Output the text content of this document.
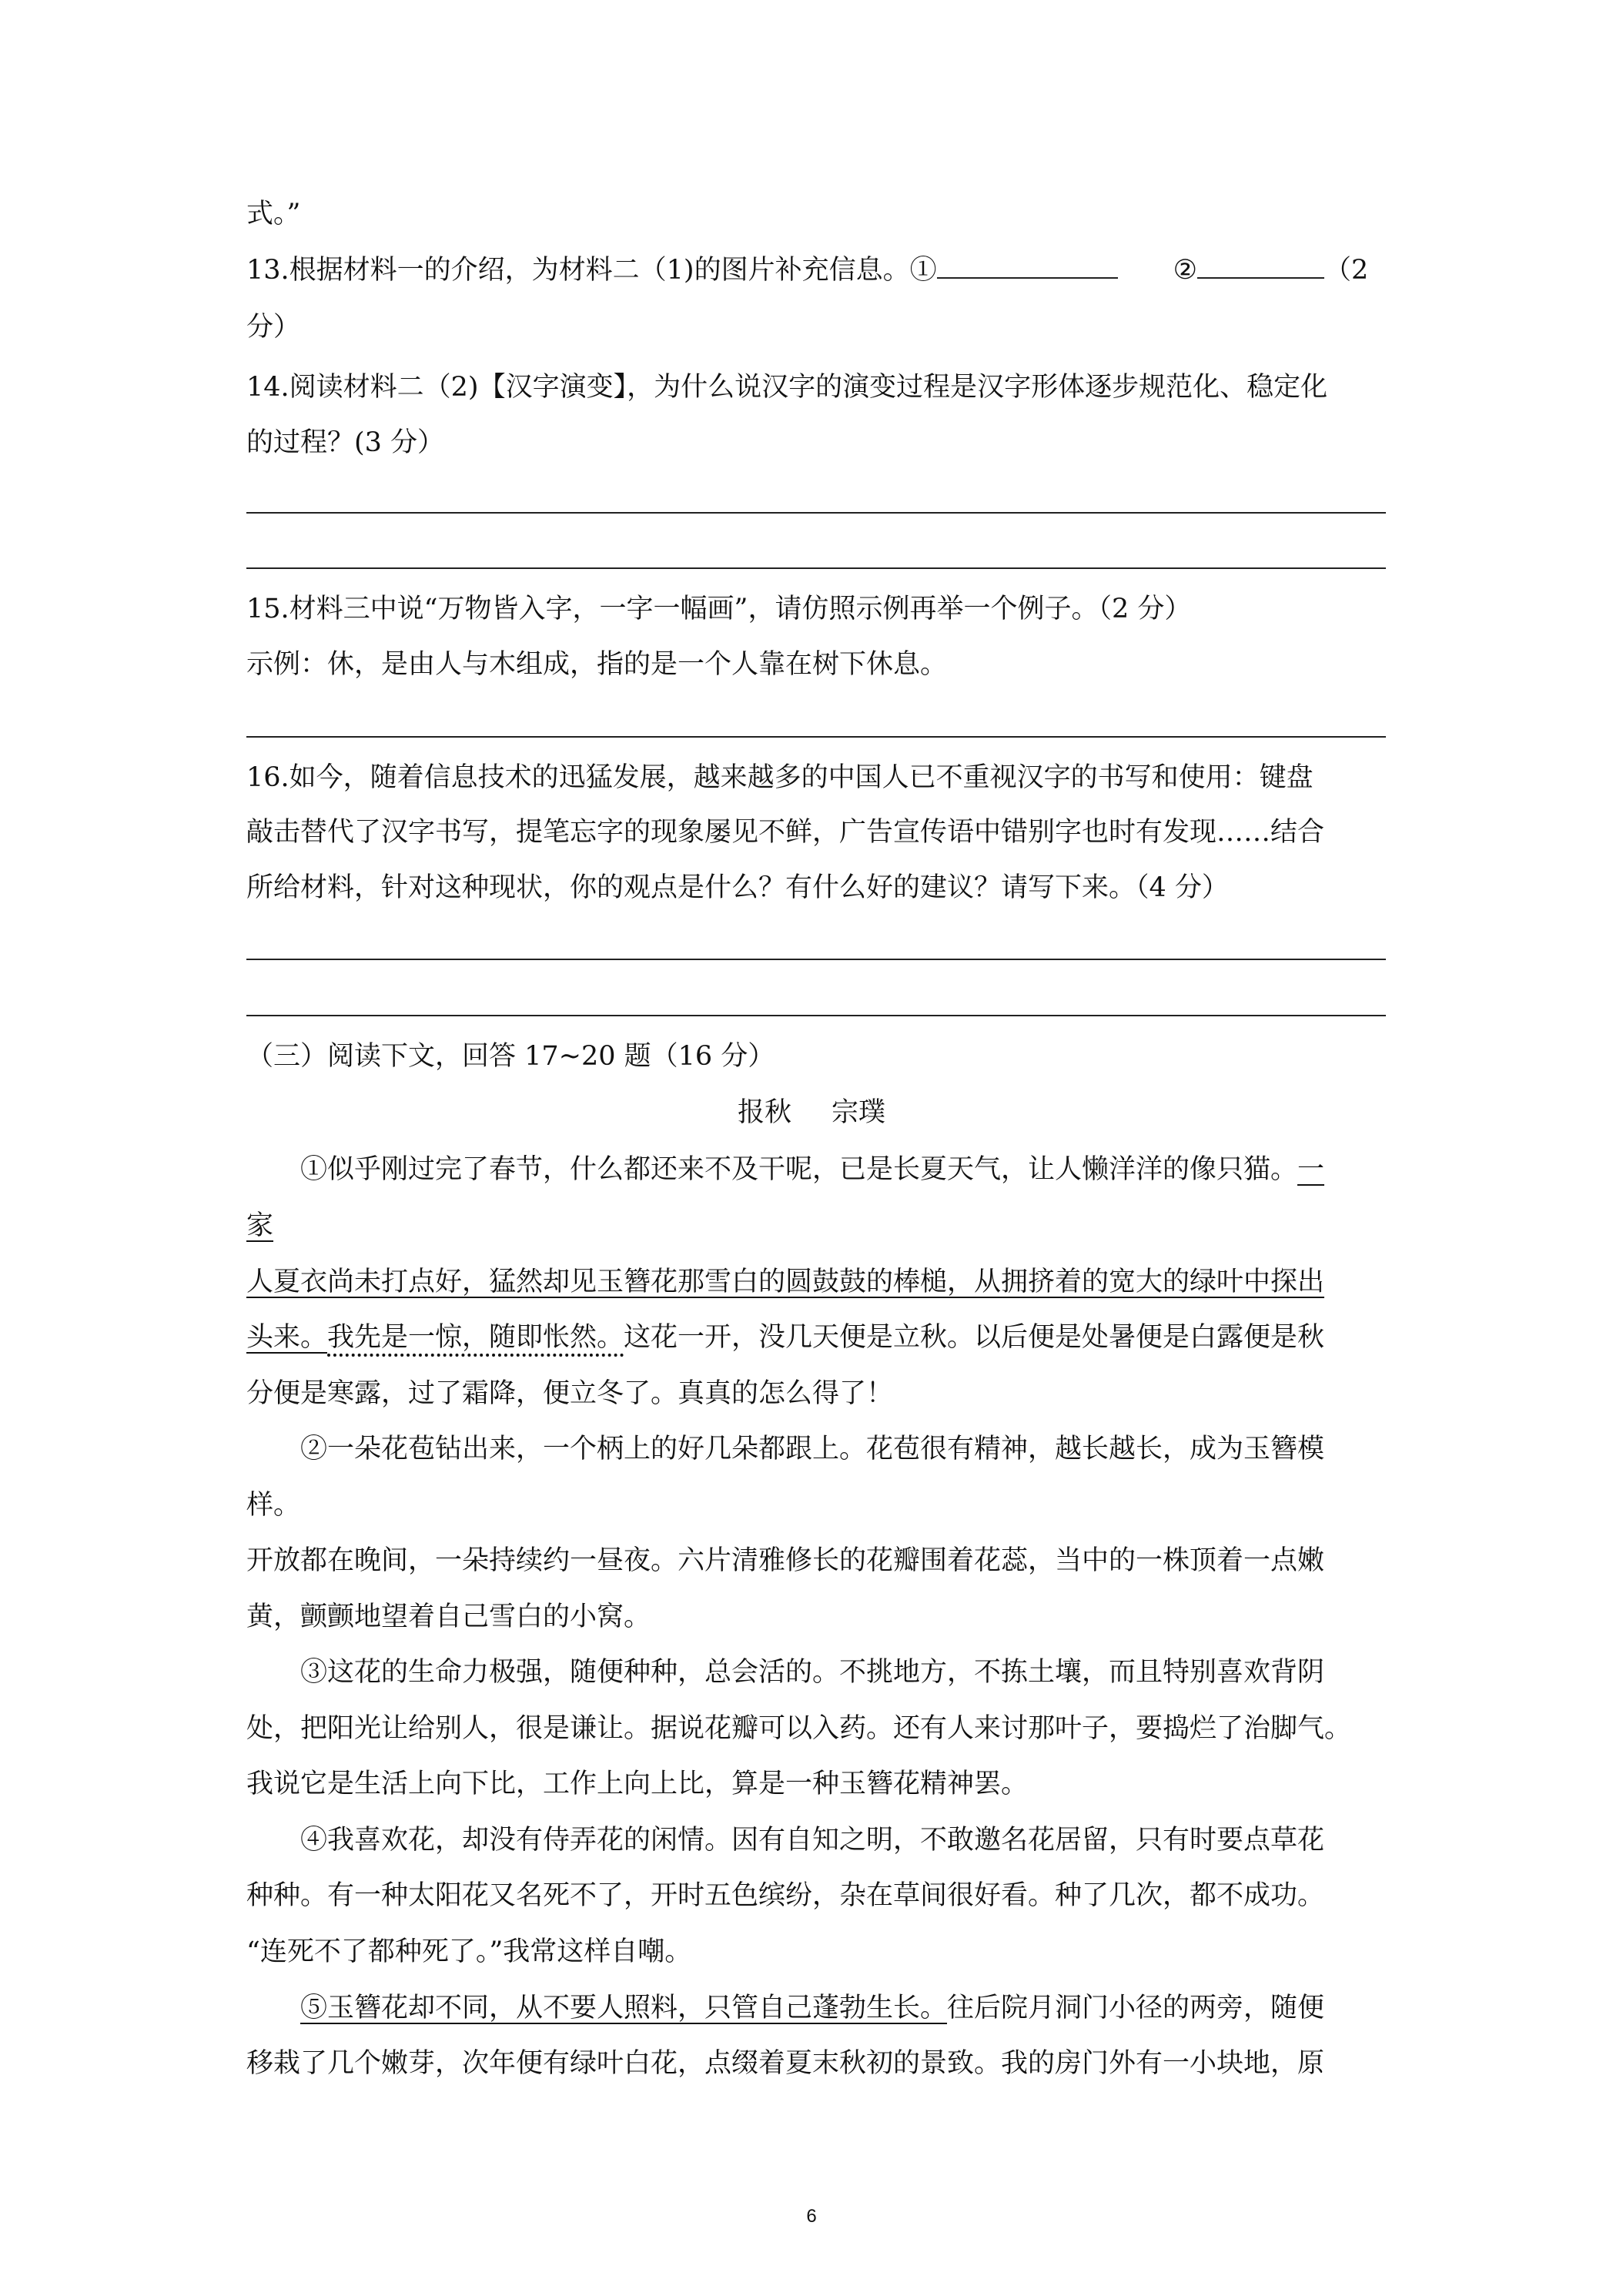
式。”
13.根据材料一的介绍，为材料二（1)的图片补充信息。①	②	（2
分）
14.阅读材料二（2)【汉字演变】，为什么说汉字的演变过程是汉字形体逐步规范化、稳定化
的过程？(3 分）
15.材料三中说“万物皆入字，一字一幅画”，请仿照示例再举一个例子。（2 分）
示例：休，是由人与木组成，指的是一个人靠在树下休息。
16.如今，随着信息技术的迅猛发展，越来越多的中国人已不重视汉字的书写和使用：键盘
敲击替代了汉字书写，提笔忘字的现象屡见不鲜，广告宣传语中错别字也时有发现……结合
所给材料，针对这种现状，你的观点是什么？有什么好的建议？请写下来。（4 分）
（三）阅读下文，回答 17~20 题（16 分）
报秋 宗璞
①似乎刚过完了春节，什么都还来不及干呢，已是长夏天气，让人懒洋洋的像只猫。一
家
人夏衣尚未打点好，猛然却见玉簪花那雪白的圆鼓鼓的棒槌，从拥挤着的宽大的绿叶中探出
头来。我先是一惊，随即怅然。这花一开，没几天便是立秋。以后便是处暑便是白露便是秋
分便是寒露，过了霜降，便立冬了。真真的怎么得了！
②一朵花苞钻出来，一个柄上的好几朵都跟上。花苞很有精神，越长越长，成为玉簪模
样。
开放都在晚间，一朵持续约一昼夜。六片清雅修长的花瓣围着花蕊，当中的一株顶着一点嫩
黄，颤颤地望着自己雪白的小窝。
③这花的生命力极强，随便种种，总会活的。不挑地方，不拣土壤，而且特别喜欢背阴
处，把阳光让给别人，很是谦让。据说花瓣可以入药。还有人来讨那叶子，要捣烂了治脚气。
我说它是生活上向下比，工作上向上比，算是一种玉簪花精神罢。
④我喜欢花，却没有侍弄花的闲情。因有自知之明，不敢邀名花居留，只有时要点草花
种种。有一种太阳花又名死不了，开时五色缤纷，杂在草间很好看。种了几次，都不成功。
“连死不了都种死了。”我常这样自嘲。
⑤玉簪花却不同，从不要人照料，只管自己蓬勃生长。往后院月洞门小径的两旁，随便
移栽了几个嫩芽，次年便有绿叶白花，点缀着夏末秋初的景致。我的房门外有一小块地，原
6
